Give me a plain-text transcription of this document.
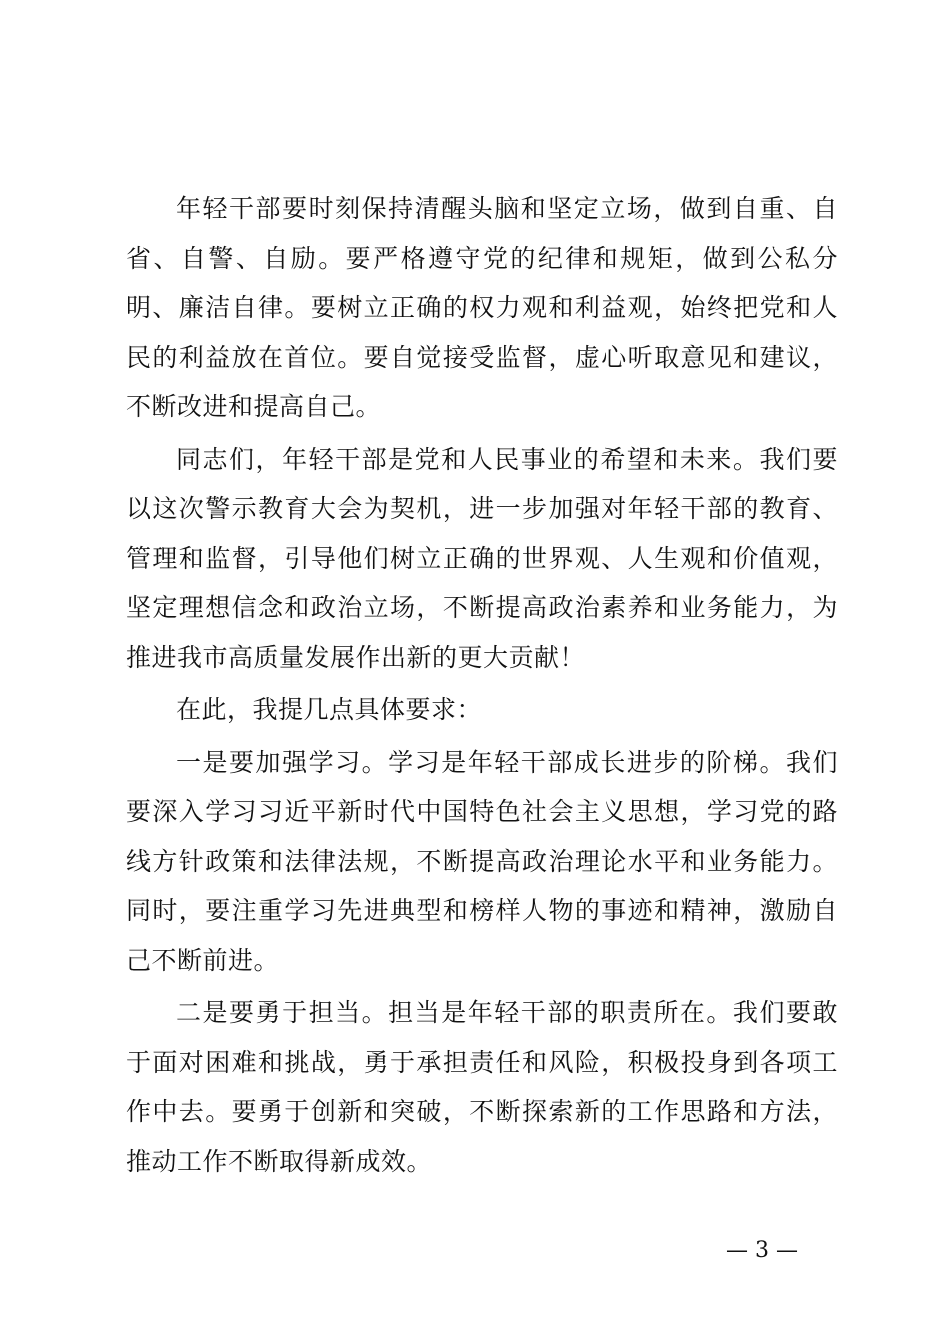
年轻干部要时刻保持清醒头脑和坚定立场，做到自重、自省、自警、自励。要严格遵守党的纪律和规矩，做到公私分明、廉洁自律。要树立正确的权力观和利益观，始终把党和人民的利益放在首位。要自觉接受监督，虚心听取意见和建议，不断改进和提高自己。

同志们，年轻干部是党和人民事业的希望和未来。我们要以这次警示教育大会为契机，进一步加强对年轻干部的教育、管理和监督，引导他们树立正确的世界观、人生观和价值观，坚定理想信念和政治立场，不断提高政治素养和业务能力，为推进我市高质量发展作出新的更大贡献！

在此，我提几点具体要求：

一是要加强学习。学习是年轻干部成长进步的阶梯。我们要深入学习习近平新时代中国特色社会主义思想，学习党的路线方针政策和法律法规，不断提高政治理论水平和业务能力。同时，要注重学习先进典型和榜样人物的事迹和精神，激励自己不断前进。

二是要勇于担当。担当是年轻干部的职责所在。我们要敢于面对困难和挑战，勇于承担责任和风险，积极投身到各项工作中去。要勇于创新和突破，不断探索新的工作思路和方法，推动工作不断取得新成效。

— 3 —
